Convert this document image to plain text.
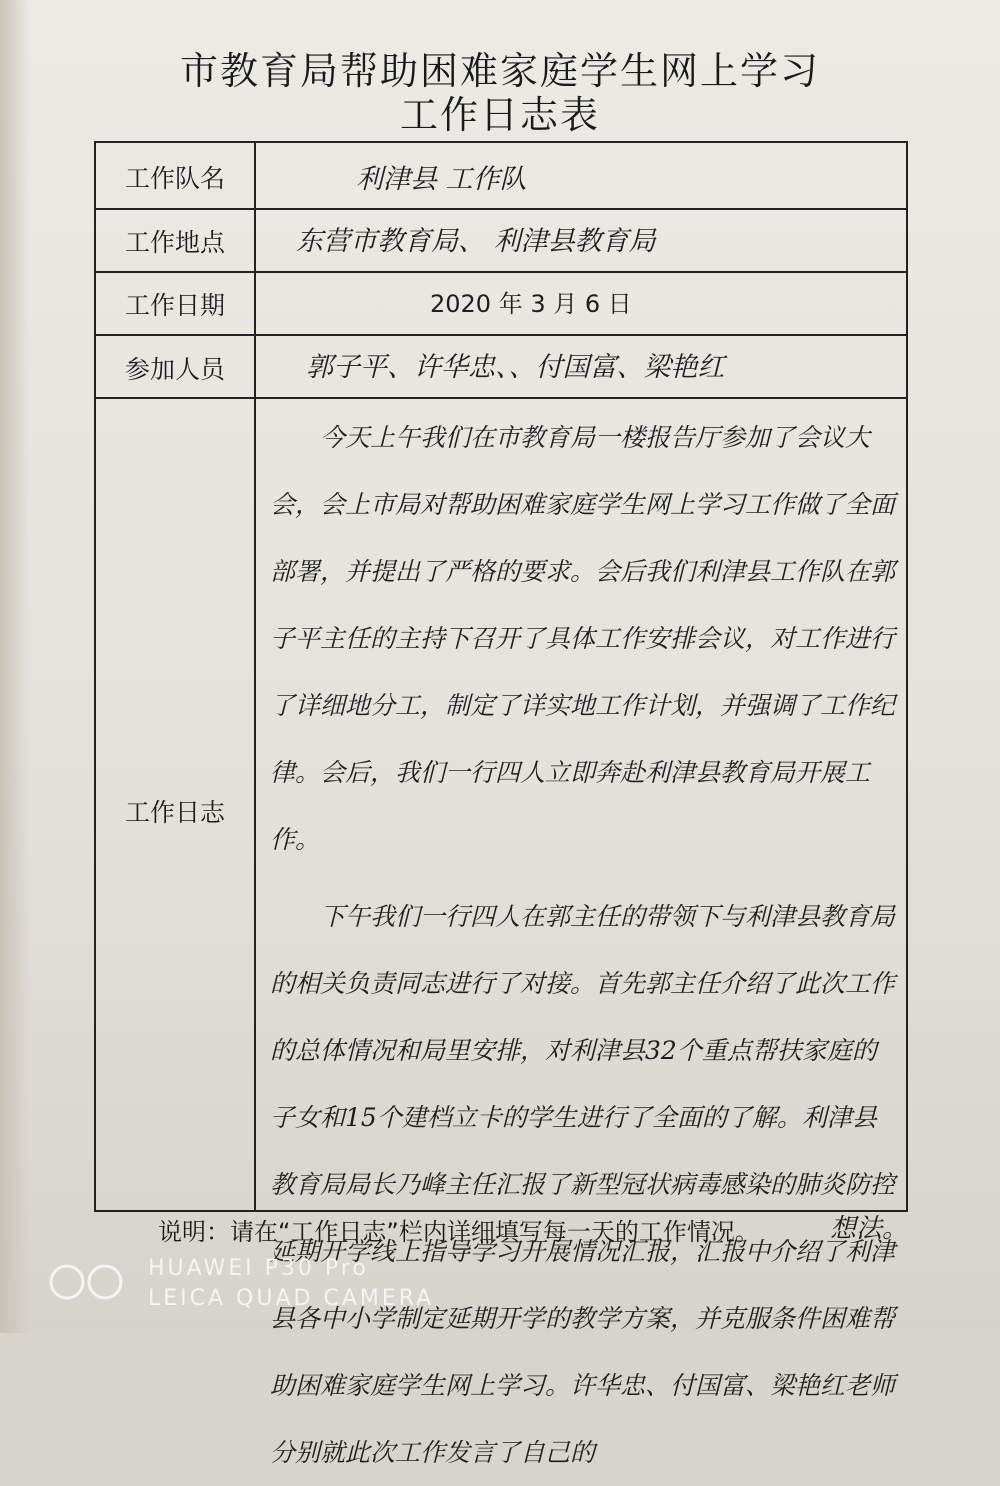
市教育局帮助困难家庭学生网上学习
工作日志表
工作队名	利津县 工作队
工作地点	东营市教育局、 利津县教育局
工作日期	2020 年 3 月 6 日
参加人员	郭子平、许华忠、、付国富、梁艳红
工作日志

今天上午我们在市教育局一楼报告厅参加了会议大会，会上市局对帮助困难家庭学生网上学习工作做了全面部署，并提出了严格的要求。会后我们利津县工作队在郭子平主任的主持下召开了具体工作安排会议，对工作进行了详细地分工，制定了详实地工作计划，并强调了工作纪律。会后，我们一行四人立即奔赴利津县教育局开展工作。

下午我们一行四人在郭主任的带领下与利津县教育局的相关负责同志进行了对接。首先郭主任介绍了此次工作的总体情况和局里安排，对利津县32个重点帮扶家庭的子女和15个建档立卡的学生进行了全面的了解。利津县教育局局长乃峰主任汇报了新型冠状病毒感染的肺炎防控延期开学线上指导学习开展情况汇报，汇报中介绍了利津县各中小学制定延期开学的教学方案，并克服条件困难帮助困难家庭学生网上学习。许华忠、付国富、梁艳红老师分别就此次工作发言了自己的

说明：请在“工作日志”栏内详细填写每一天的工作情况。	想法。
HUAWEI P30 Pro
LEICA QUAD CAMERA
